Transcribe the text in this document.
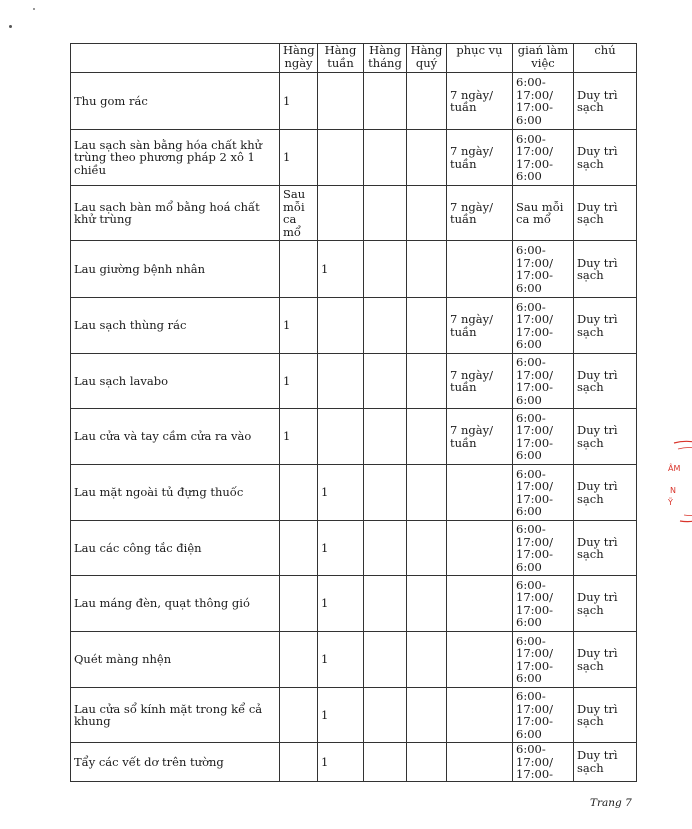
	Hàng ngày	Hàng tuần	Hàng tháng	Hàng quý	phục vụ	giań làm việc	chú
Thu gom rác	1				7 ngày/ tuần	6:00- 17:00/ 17:00- 6:00	Duy trì sạch
Lau sạch sàn bằng hóa chất khử trùng theo phương pháp 2 xô 1 chiều	1				7 ngày/ tuần	6:00- 17:00/ 17:00- 6:00	Duy trì sạch
Lau sạch bàn mổ bằng hoá chất khử trùng	Sau mỗi ca mổ				7 ngày/ tuần	Sau mỗi ca mổ	Duy trì sạch
Lau giường bệnh nhân		1				6:00- 17:00/ 17:00- 6:00	Duy trì sạch
Lau sạch thùng rác	1				7 ngày/ tuần	6:00- 17:00/ 17:00- 6:00	Duy trì sạch
Lau sạch lavabo	1				7 ngày/ tuần	6:00- 17:00/ 17:00- 6:00	Duy trì sạch
Lau cửa và tay cầm cửa ra vào	1				7 ngày/ tuần	6:00- 17:00/ 17:00- 6:00	Duy trì sạch
Lau mặt ngoài tủ đựng thuốc		1				6:00- 17:00/ 17:00- 6:00	Duy trì sạch
Lau các công tắc điện		1				6:00- 17:00/ 17:00- 6:00	Duy trì sạch
Lau máng đèn, quạt thông gió		1				6:00- 17:00/ 17:00- 6:00	Duy trì sạch
Quét màng nhện		1				6:00- 17:00/ 17:00- 6:00	Duy trì sạch
Lau cửa sổ kính mặt trong kể cả khung		1				6:00- 17:00/ 17:00- 6:00	Duy trì sạch
Tẩy các vết dơ trên tường		1				6:00- 17:00/ 17:00-	Duy trì sạch
ÂM
N
Ỹ
Trang 7
